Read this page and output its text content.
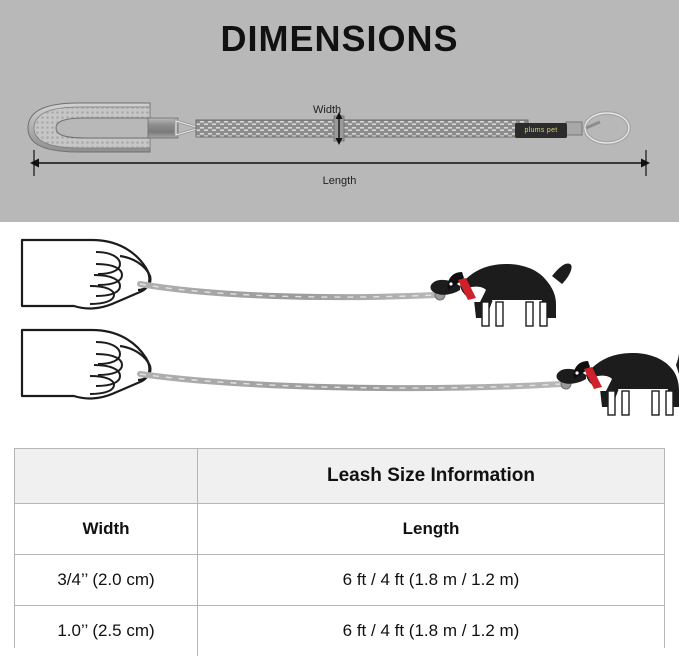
DIMENSIONS
Width
Length
plums pet
	Leash Size Information
Width	Length
3/4’’ (2.0 cm)	6 ft / 4 ft (1.8 m / 1.2 m)
1.0’’ (2.5 cm)	6 ft / 4 ft (1.8 m / 1.2 m)
